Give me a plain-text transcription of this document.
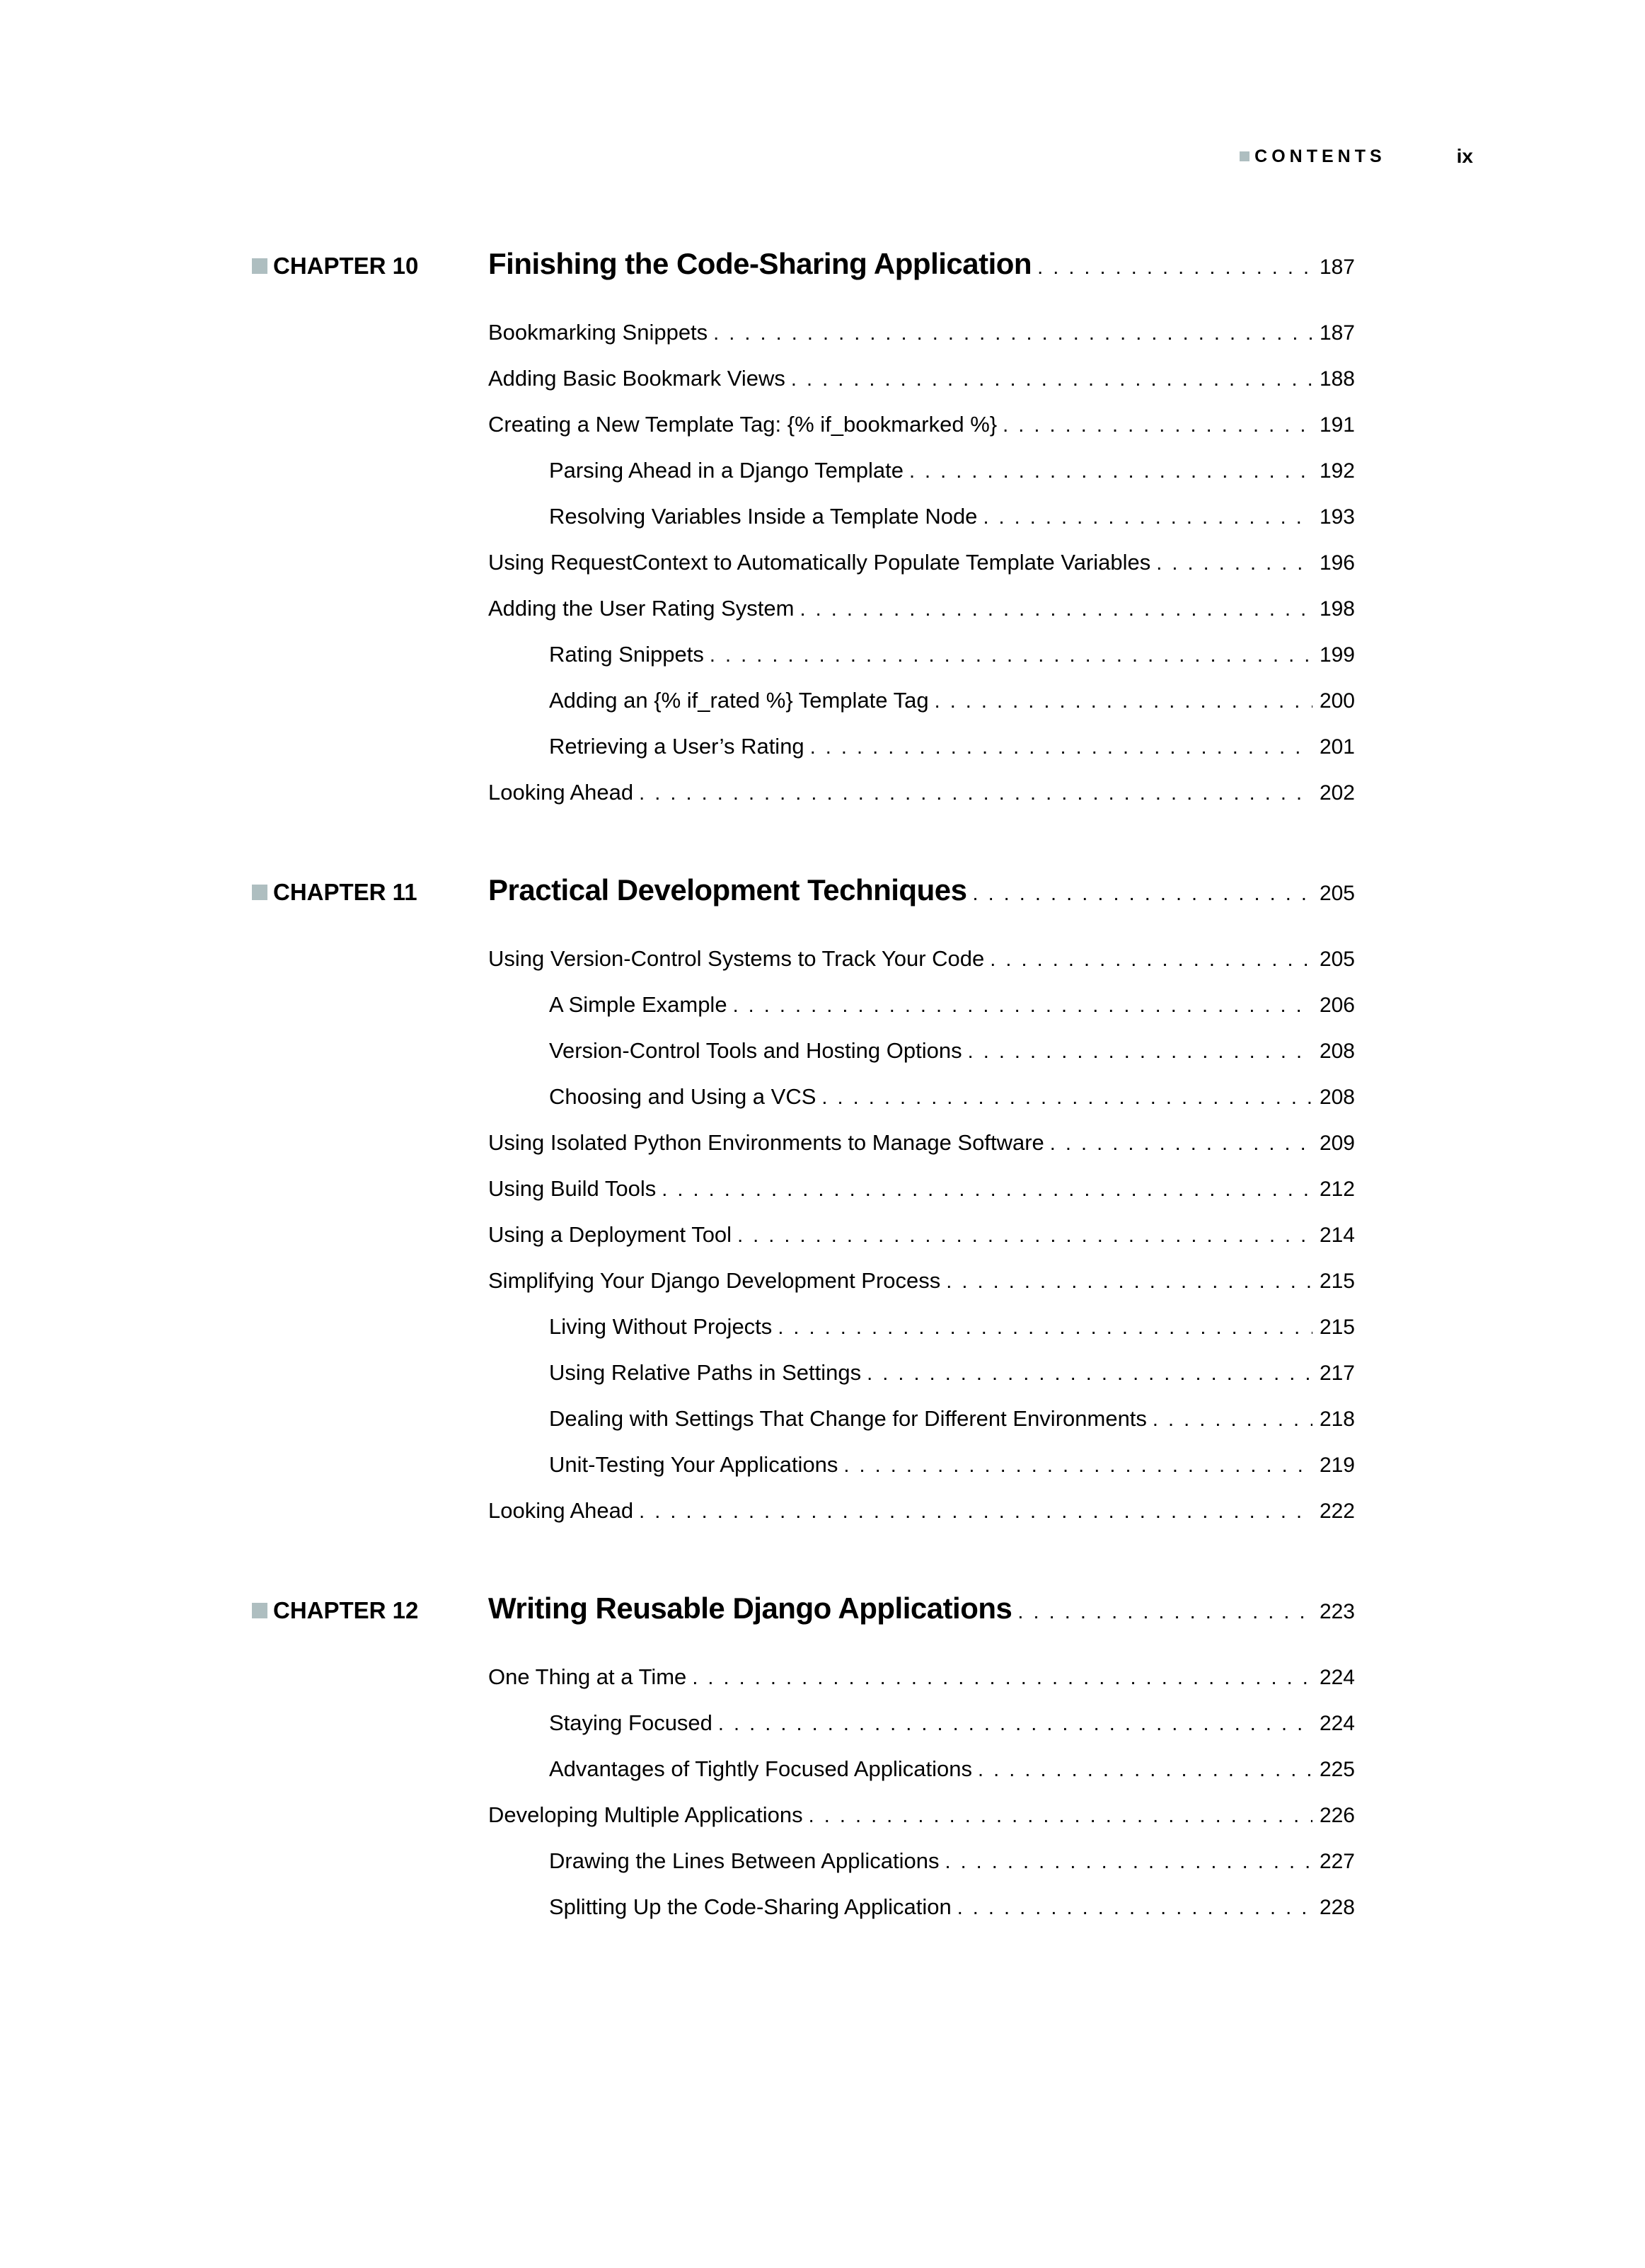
CONTENTS	ix
CHAPTER 10 Finishing the Code-Sharing Application . . .	187
Bookmarking Snippets . . .	187
Adding Basic Bookmark Views . . .	188
Creating a New Template Tag: {% if_bookmarked %} . . .	191
Parsing Ahead in a Django Template . . .	192
Resolving Variables Inside a Template Node . . .	193
Using RequestContext to Automatically Populate Template Variables . . .	196
Adding the User Rating System . . .	198
Rating Snippets . . .	199
Adding an {% if_rated %} Template Tag . . .	200
Retrieving a User’s Rating . . .	201
Looking Ahead . . .	202
CHAPTER 11 Practical Development Techniques . . .	205
Using Version-Control Systems to Track Your Code . . .	205
A Simple Example . . .	206
Version-Control Tools and Hosting Options . . .	208
Choosing and Using a VCS . . .	208
Using Isolated Python Environments to Manage Software . . .	209
Using Build Tools . . .	212
Using a Deployment Tool . . .	214
Simplifying Your Django Development Process . . .	215
Living Without Projects . . .	215
Using Relative Paths in Settings . . .	217
Dealing with Settings That Change for Different Environments . . .	218
Unit-Testing Your Applications . . .	219
Looking Ahead . . .	222
CHAPTER 12 Writing Reusable Django Applications . . .	223
One Thing at a Time . . .	224
Staying Focused . . .	224
Advantages of Tightly Focused Applications . . .	225
Developing Multiple Applications . . .	226
Drawing the Lines Between Applications . . .	227
Splitting Up the Code-Sharing Application . . .	228
